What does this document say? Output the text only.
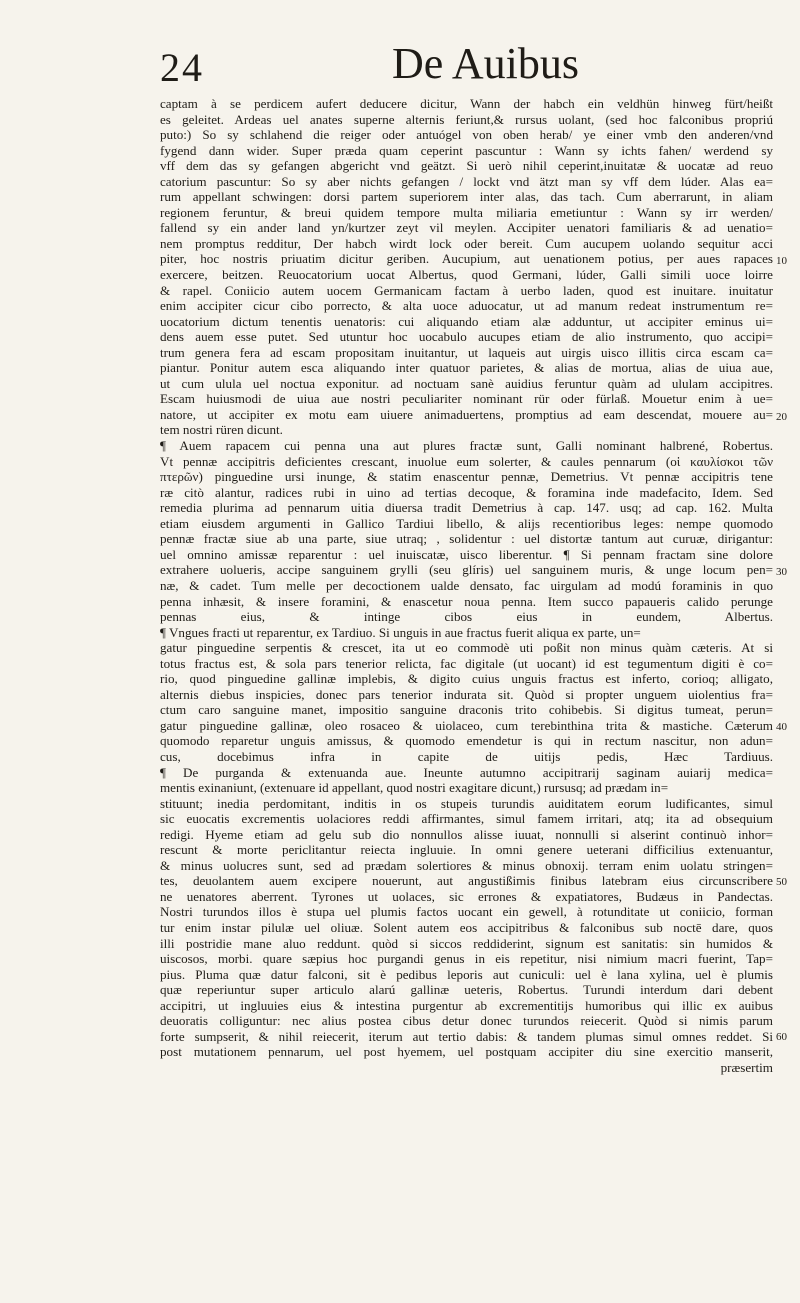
24	De Auibus
captam à se perdicem aufert deducere dicitur, Wann der habch ein veldhün hinweg fürt/heißt
es geleitet. Ardeas uel anates superne alternis feriunt,& rursus uolant, (sed hoc falconibus propriú
puto:) So sy schlahend die reiger oder antuógel von oben herab/ ye einer vmb den anderen/vnd
fygend dann wider. Super præda quam ceperint pascuntur : Wann sy ichts fahen/ werdend sy
vff dem das sy gefangen abgericht vnd geätzt. Si uerò nihil ceperint,inuitatæ & uocatæ ad reuo
catorium pascuntur: So sy aber nichts gefangen / lockt vnd ätzt man sy vff dem lúder. Alas ea=
rum appellant schwingen: dorsi partem superiorem inter alas, das tach. Cum aberrarunt, in aliam
regionem feruntur, & breui quidem tempore multa miliaria emetiuntur : Wann sy irr werden/
fallend sy ein ander land yn/kurtzer zeyt vil meylen. Accipiter uenatori familiaris & ad uenatio=
nem promptus redditur, Der habch wirdt lock oder bereit. Cum aucupem uolando sequitur acci
piter, hoc nostris priuatim dicitur geriben. Aucupium, aut uenationem potius, per aues rapaces
exercere, beitzen. Reuocatorium uocat Albertus, quod Germani, lúder, Galli simili uoce loirre
& rapel. Coniicio autem uocem Germanicam factam à uerbo laden, quod est inuitare. inuitatur
enim accipiter cicur cibo porrecto, & alta uoce aduocatur, ut ad manum redeat instrumentum re=
uocatorium dictum tenentis uenatoris: cui aliquando etiam alæ adduntur, ut accipiter eminus ui=
dens auem esse putet. Sed utuntur hoc uocabulo aucupes etiam de alio instrumento, quo accipi=
trum genera fera ad escam propositam inuitantur, ut laqueis aut uirgis uisco illitis circa escam ca=
piantur. Ponitur autem esca aliquando inter quatuor parietes, & alias de mortua, alias de uiua aue,
ut cum ulula uel noctua exponitur. ad noctuam sanè auidius feruntur quàm ad ululam accipitres.
Escam huiusmodi de uiua aue nostri peculiariter nominant rür oder fürlaß. Mouetur enim à ue=
natore, ut accipiter ex motu eam uiuere animaduertens, promptius ad eam descendat, mouere au=
tem nostri rüren dicunt.
¶ Auem rapacem cui penna una aut plures fractæ sunt, Galli nominant halbrené, Robertus.
Vt pennæ accipitris deficientes crescant, inuolue eum solerter, & caules pennarum (οἱ καυλίσκοι τῶν
πτερῶν) pinguedine ursi inunge, & statim enascentur pennæ, Demetrius. Vt pennæ accipitris tene
ræ citò alantur, radices rubi in uino ad tertias decoque, & foramina inde madefacito, Idem. Sed
remedia plurima ad pennarum uitia diuersa tradit Demetrius à cap. 147. usq; ad cap. 162. Multa
etiam eiusdem argumenti in Gallico Tardiui libello, & alijs recentioribus leges: nempe quomodo
pennæ fractæ siue ab una parte, siue utraq; , solidentur : uel distortæ tantum aut curuæ, dirigantur:
uel omnino amissæ reparentur : uel inuiscatæ, uisco liberentur. ¶ Si pennam fractam sine dolore
extrahere uolueris, accipe sanguinem grylli (seu glíris) uel sanguinem muris, & unge locum pen=
næ, & cadet. Tum melle per decoctionem ualde densato, fac uirgulam ad modú foraminis in quo
penna inhæsit, & insere foramini, & enascetur noua penna. Item succo papaueris calido perunge
pennas eius, & intinge cibos eius in eundem, Albertus.
¶ Vngues fracti ut reparentur, ex Tardiuo. Si unguis in aue fractus fuerit aliqua ex parte, un=
gatur pinguedine serpentis & crescet, ita ut eo commodè uti poßit non minus quàm cæteris. At si
totus fractus est, & sola pars tenerior relicta, fac digitale (ut uocant) id est tegumentum digiti è co=
rio, quod pinguedine gallinæ implebis, & digito cuius unguis fractus est inferto, corioq; alligato,
alternis diebus inspicies, donec pars tenerior indurata sit. Quòd si propter unguem uiolentius fra=
ctum caro sanguine manet, impositio sanguine draconis trito cohibebis. Si digitus tumeat, perun=
gatur pinguedine gallinæ, oleo rosaceo & uiolaceo, cum terebinthina trita & mastiche. Cæterum
quomodo reparetur unguis amissus, & quomodo emendetur is qui in rectum nascitur, non adun=
cus, docebimus infra in capite de uitijs pedis, Hæc Tardiuus.
¶ De purganda & extenuanda aue. Ineunte autumno accipitrarij saginam auiarij medica=
mentis exinaniunt, (extenuare id appellant, quod nostri exagitare dicunt,) rursusq; ad prædam in=
stituunt; inedia perdomitant, inditis in os stupeis turundis auiditatem eorum ludificantes, simul
sic euocatis excrementis uolaciores reddi affirmantes, simul famem irritari, atq; ita ad obsequium
redigi. Hyeme etiam ad gelu sub dio nonnullos alisse iuuat, nonnulli si alserint continuò inhor=
rescunt & morte periclitantur reiecta ingluuie. In omni genere ueterani difficilius extenuantur,
& minus uolucres sunt, sed ad prædam solertiores & minus obnoxij. terram enim uolatu stringen=
tes, deuolantem auem excipere nouerunt, aut angustißimis finibus latebram eius circunscribere
ne uenatores aberrent. Tyrones ut uolaces, sic errones & expatiatores, Budæus in Pandectas.
Nostri turundos illos è stupa uel plumis factos uocant ein gewell, à rotunditate ut coniicio, forman
tur enim instar pilulæ uel oliuæ. Solent autem eos accipitribus & falconibus sub noctē dare, quos
illi postridie mane aluo reddunt. quòd si siccos reddiderint, signum est sanitatis: sin humidos &
uiscosos, morbi. quare sæpius hoc purgandi genus in eis repetitur, nisi nimium macri fuerint, Tap=
pius. Pluma quæ datur falconi, sit è pedibus leporis aut cuniculi: uel è lana xylina, uel è plumis
quæ reperiuntur super articulo alarú gallinæ ueteris, Robertus. Turundi interdum dari debent
accipitri, ut ingluuies eius & intestina purgentur ab excrementitijs humoribus qui illic ex auibus
deuoratis colliguntur: nec alius postea cibus detur donec turundos reiecerit. Quòd si nimis parum
forte sumpserit, & nihil reiecerit, iterum aut tertio dabis: & tandem plumas simul omnes reddet. Si
post mutationem pennarum, uel post hyemem, uel postquam accipiter diu sine exercitio manserit,
præsertim
10
20
30
40
50
60
